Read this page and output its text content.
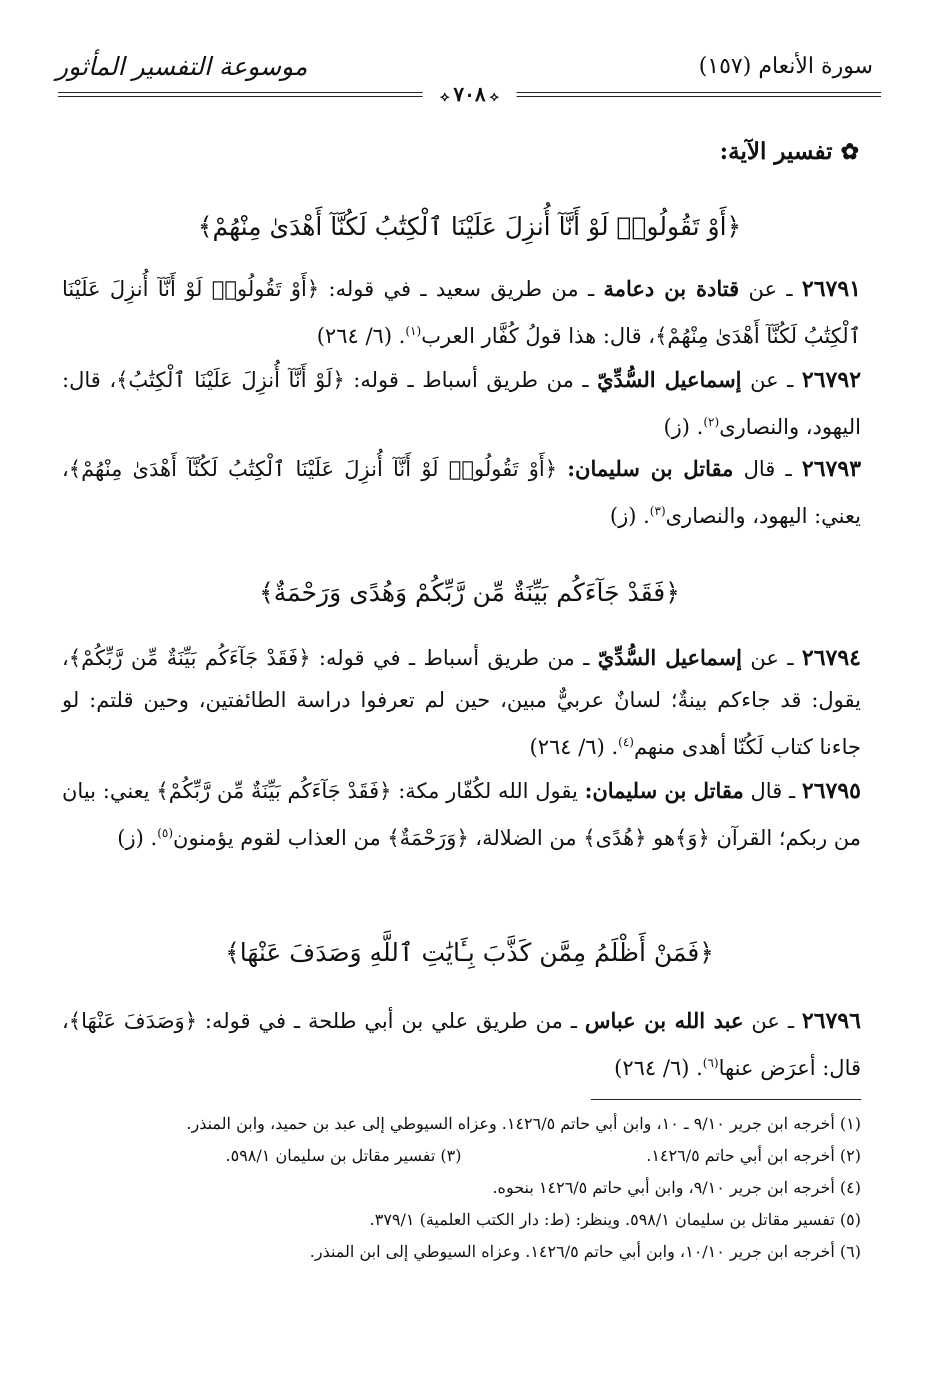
سورة الأنعام (١٥٧)
موسوعة التفسير المأثور
⟡٧٠٨⟡
✿تفسير الآية:
﴿أَوْ تَقُولُوا۟ لَوْ أَنَّآ أُنزِلَ عَلَيْنَا ٱلْكِتَٰبُ لَكُنَّآ أَهْدَىٰ مِنْهُمْ﴾
٢٦٧٩١ ـ عن قتادة بن دعامة ـ من طريق سعيد ـ في قوله: ﴿أَوْ تَقُولُوا۟ لَوْ أَنَّآ أُنزِلَ عَلَيْنَا ٱلْكِتَٰبُ لَكُنَّآ أَهْدَىٰ مِنْهُمْ﴾، قال: هذا قولُ كُفَّار العرب$^{(١)}$. (٦/ ٢٦٤)
٢٦٧٩٢ ـ عن إسماعيل السُّدِّيّ ـ من طريق أسباط ـ قوله: ﴿لَوْ أَنَّآ أُنزِلَ عَلَيْنَا ٱلْكِتَٰبُ﴾، قال: اليهود، والنصارى$^{(٢)}$. (ز)
٢٦٧٩٣ ـ قال مقاتل بن سليمان: ﴿أَوْ تَقُولُوا۟ لَوْ أَنَّآ أُنزِلَ عَلَيْنَا ٱلْكِتَٰبُ لَكُنَّآ أَهْدَىٰ مِنْهُمْ﴾، يعني: اليهود، والنصارى$^{(٣)}$. (ز)
﴿فَقَدْ جَآءَكُم بَيِّنَةٌ مِّن رَّبِّكُمْ وَهُدًى وَرَحْمَةٌ﴾
٢٦٧٩٤ ـ عن إسماعيل السُّدِّيّ ـ من طريق أسباط ـ في قوله: ﴿فَقَدْ جَآءَكُم بَيِّنَةٌ مِّن رَّبِّكُمْ﴾، يقول: قد جاءكم بينةٌ؛ لسانٌ عربيٌّ مبين، حين لم تعرفوا دراسة الطائفتين، وحين قلتم: لو جاءنا كتاب لَكُنّا أهدى منهم$^{(٤)}$. (٦/ ٢٦٤)
٢٦٧٩٥ ـ قال مقاتل بن سليمان: يقول الله لكُفّار مكة: ﴿فَقَدْ جَآءَكُم بَيِّنَةٌ مِّن رَّبِّكُمْ﴾ يعني: بيان من ربكم؛ القرآن ﴿وَ﴾هو ﴿هُدًى﴾ من الضلالة، ﴿وَرَحْمَةٌ﴾ من العذاب لقوم يؤمنون$^{(٥)}$. (ز)
﴿فَمَنْ أَظْلَمُ مِمَّن كَذَّبَ بِـَٔايَٰتِ ٱللَّهِ وَصَدَفَ عَنْهَا﴾
٢٦٧٩٦ ـ عن عبد الله بن عباس ـ من طريق علي بن أبي طلحة ـ في قوله: ﴿وَصَدَفَ عَنْهَا﴾، قال: أعرَض عنها$^{(٦)}$. (٦/ ٢٦٤)
(١) أخرجه ابن جرير ٩/١٠ ـ ١٠، وابن أبي حاتم ١٤٢٦/٥. وعزاه السيوطي إلى عبد بن حميد، وابن المنذر.
(٢) أخرجه ابن أبي حاتم ١٤٢٦/٥.
(٣) تفسير مقاتل بن سليمان ٥٩٨/١.
(٤) أخرجه ابن جرير ٩/١٠، وابن أبي حاتم ١٤٢٦/٥ بنحوه.
(٥) تفسير مقاتل بن سليمان ٥٩٨/١. وينظر: (ط: دار الكتب العلمية) ٣٧٩/١.
(٦) أخرجه ابن جرير ١٠/١٠، وابن أبي حاتم ١٤٢٦/٥. وعزاه السيوطي إلى ابن المنذر.
